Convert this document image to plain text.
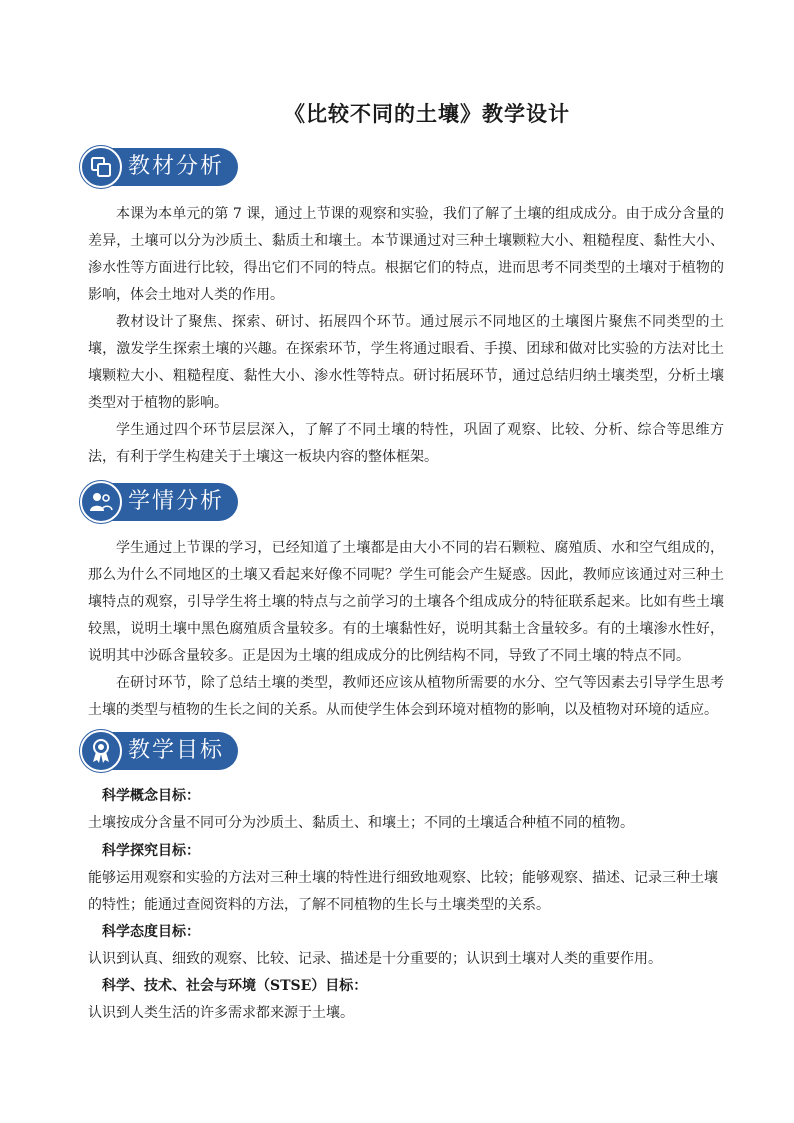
《比较不同的土壤》教学设计
教材分析

本课为本单元的第 7 课，通过上节课的观察和实验，我们了解了土壤的组成成分。由于成分含量的差异，土壤可以分为沙质土、黏质土和壤土。本节课通过对三种土壤颗粒大小、粗糙程度、黏性大小、渗水性等方面进行比较，得出它们不同的特点。根据它们的特点，进而思考不同类型的土壤对于植物的影响，体会土地对人类的作用。

教材设计了聚焦、探索、研讨、拓展四个环节。通过展示不同地区的土壤图片聚焦不同类型的土壤，激发学生探索土壤的兴趣。在探索环节，学生将通过眼看、手摸、团球和做对比实验的方法对比土壤颗粒大小、粗糙程度、黏性大小、渗水性等特点。研讨拓展环节，通过总结归纳土壤类型，分析土壤类型对于植物的影响。

学生通过四个环节层层深入，了解了不同土壤的特性，巩固了观察、比较、分析、综合等思维方法，有利于学生构建关于土壤这一板块内容的整体框架。

学情分析

学生通过上节课的学习，已经知道了土壤都是由大小不同的岩石颗粒、腐殖质、水和空气组成的，那么为什么不同地区的土壤又看起来好像不同呢？学生可能会产生疑惑。因此，教师应该通过对三种土壤特点的观察，引导学生将土壤的特点与之前学习的土壤各个组成成分的特征联系起来。比如有些土壤较黑，说明土壤中黑色腐殖质含量较多。有的土壤黏性好，说明其黏土含量较多。有的土壤渗水性好，说明其中沙砾含量较多。正是因为土壤的组成成分的比例结构不同，导致了不同土壤的特点不同。

在研讨环节，除了总结土壤的类型，教师还应该从植物所需要的水分、空气等因素去引导学生思考土壤的类型与植物的生长之间的关系。从而使学生体会到环境对植物的影响，以及植物对环境的适应。

教学目标

科学概念目标：

土壤按成分含量不同可分为沙质土、黏质土、和壤土；不同的土壤适合种植不同的植物。

科学探究目标：

能够运用观察和实验的方法对三种土壤的特性进行细致地观察、比较；能够观察、描述、记录三种土壤的特性；能通过查阅资料的方法，了解不同植物的生长与土壤类型的关系。

科学态度目标：

认识到认真、细致的观察、比较、记录、描述是十分重要的；认识到土壤对人类的重要作用。

科学、技术、社会与环境（STSE）目标：

认识到人类生活的许多需求都来源于土壤。
